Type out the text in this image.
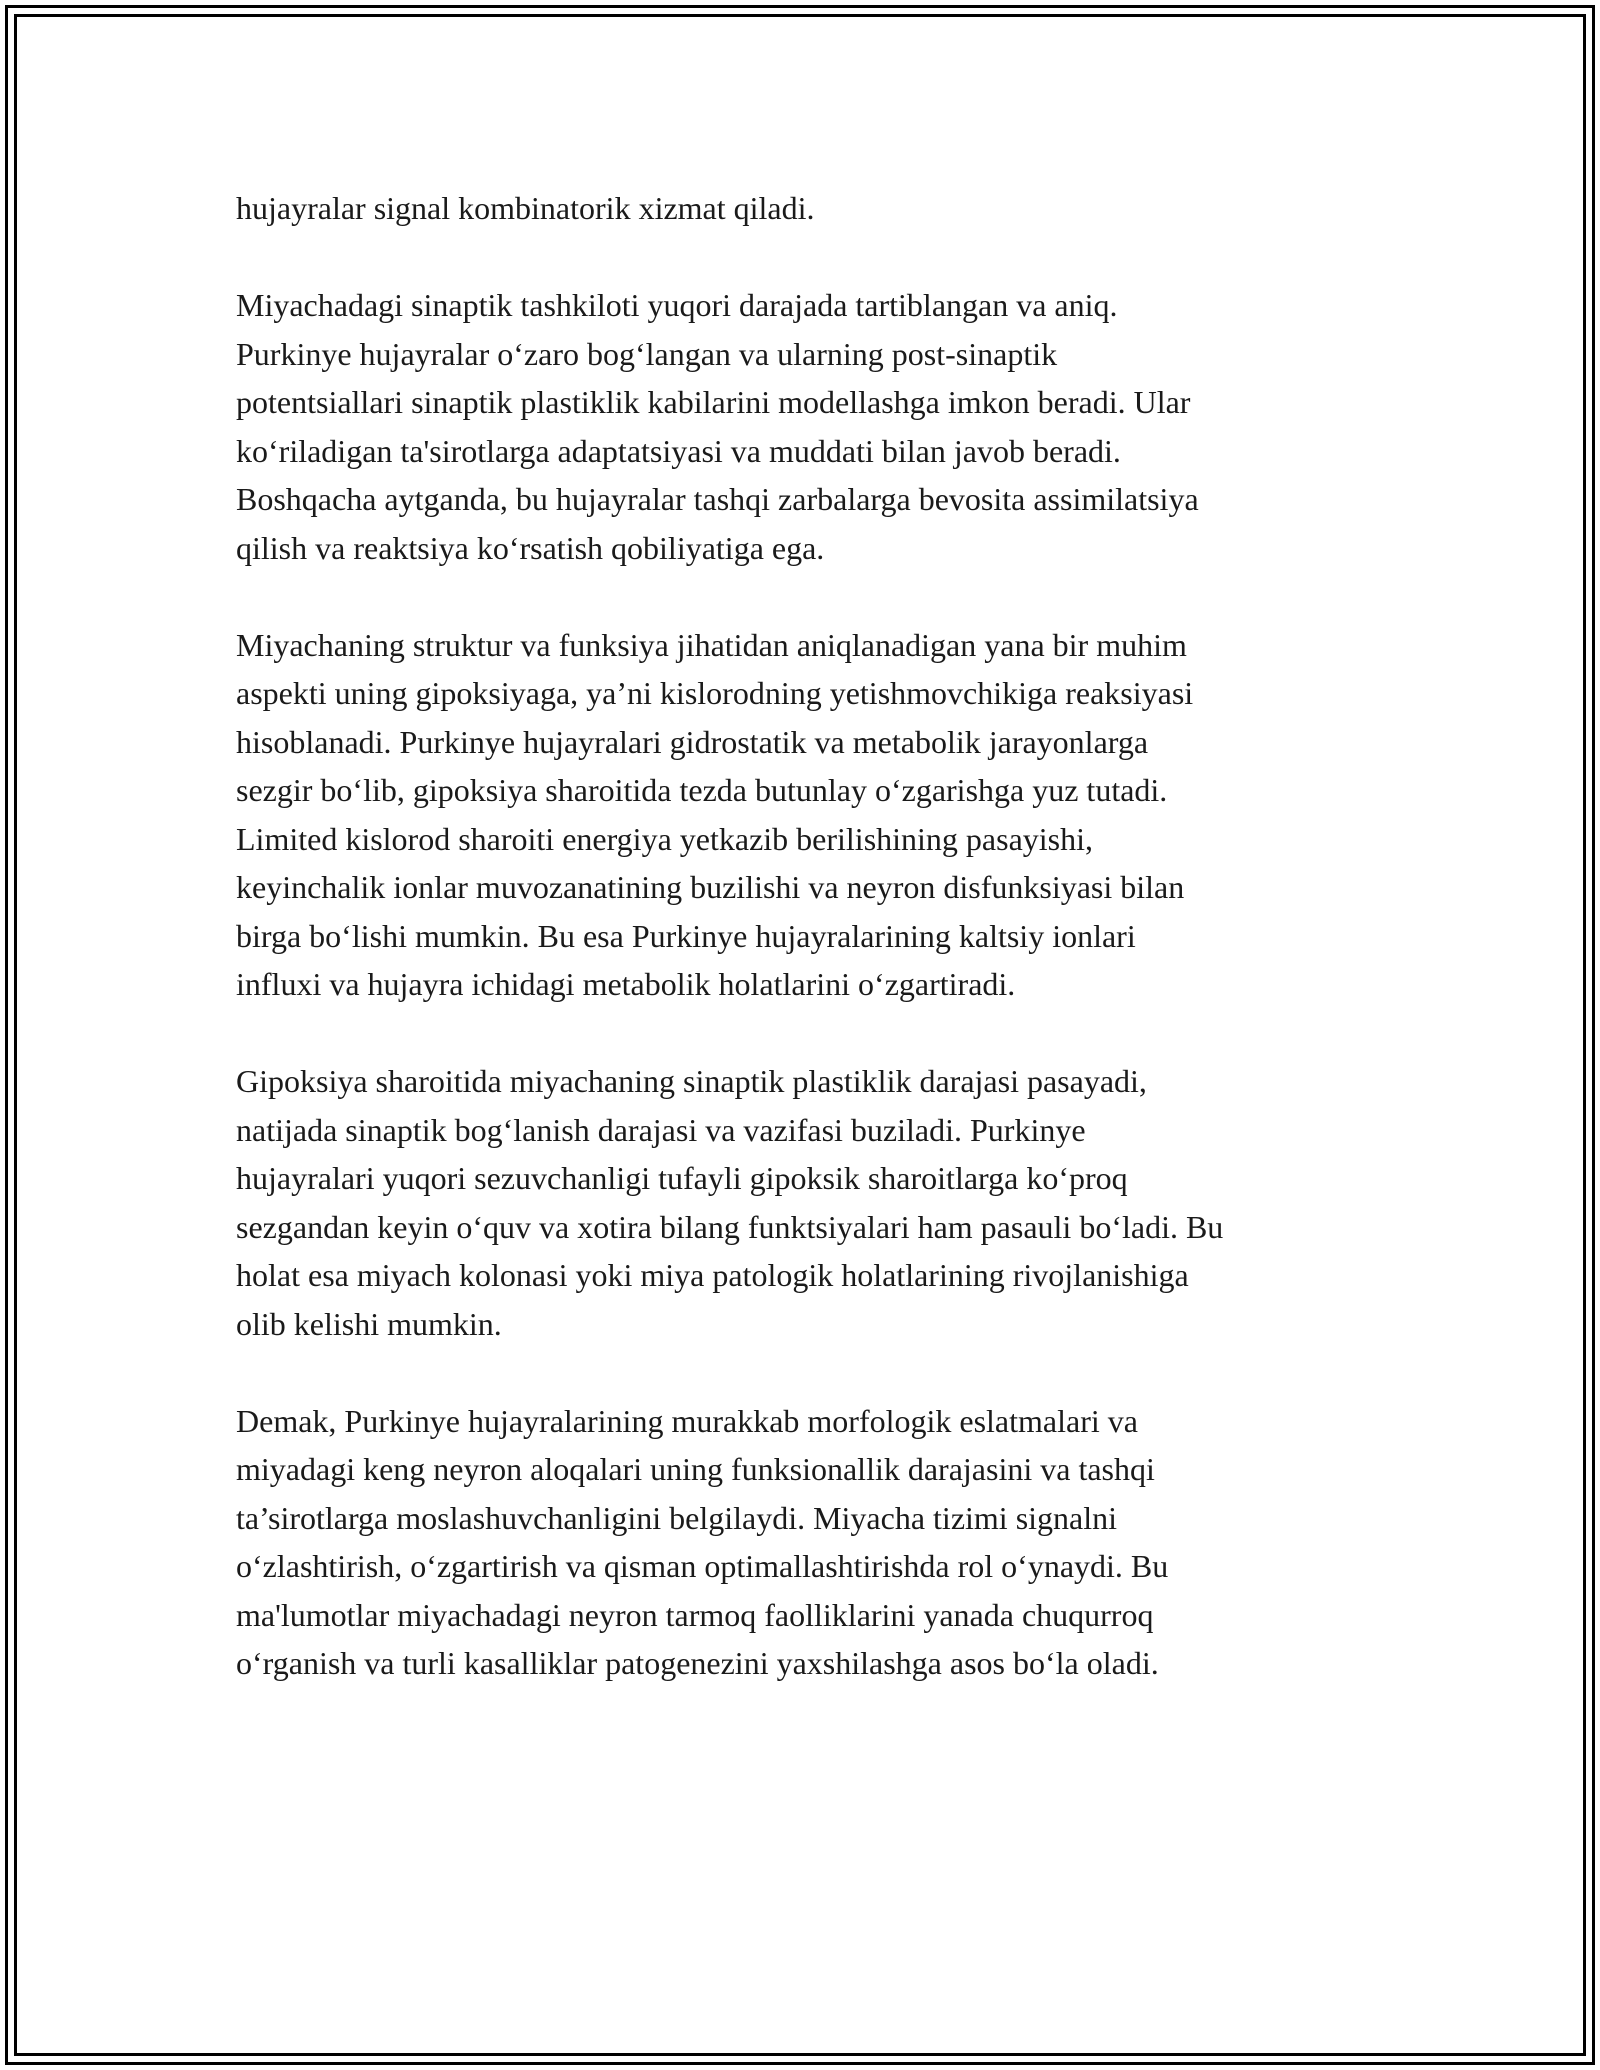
hujayralar signal kombinatorik xizmat qiladi.

Miyachadagi sinaptik tashkiloti yuqori darajada tartiblangan va aniq.
Purkinye hujayralar o‘zaro bog‘langan va ularning post-sinaptik
potentsiallari sinaptik plastiklik kabilarini modellashga imkon beradi. Ular
ko‘riladigan ta'sirotlarga adaptatsiyasi va muddati bilan javob beradi.
Boshqacha aytganda, bu hujayralar tashqi zarbalarga bevosita assimilatsiya
qilish va reaktsiya ko‘rsatish qobiliyatiga ega.

Miyachaning struktur va funksiya jihatidan aniqlanadigan yana bir muhim
aspekti uning gipoksiyaga, ya’ni kislorodning yetishmovchikiga reaksiyasi
hisoblanadi. Purkinye hujayralari gidrostatik va metabolik jarayonlarga
sezgir bo‘lib, gipoksiya sharoitida tezda butunlay o‘zgarishga yuz tutadi.
Limited kislorod sharoiti energiya yetkazib berilishining pasayishi,
keyinchalik ionlar muvozanatining buzilishi va neyron disfunksiyasi bilan
birga bo‘lishi mumkin. Bu esa Purkinye hujayralarining kaltsiy ionlari
influxi va hujayra ichidagi metabolik holatlarini o‘zgartiradi.

Gipoksiya sharoitida miyachaning sinaptik plastiklik darajasi pasayadi,
natijada sinaptik bog‘lanish darajasi va vazifasi buziladi. Purkinye
hujayralari yuqori sezuvchanligi tufayli gipoksik sharoitlarga ko‘proq
sezgandan keyin o‘quv va xotira bilang funktsiyalari ham pasauli bo‘ladi. Bu
holat esa miyach kolonasi yoki miya patologik holatlarining rivojlanishiga
olib kelishi mumkin.

Demak, Purkinye hujayralarining murakkab morfologik eslatmalari va
miyadagi keng neyron aloqalari uning funksionallik darajasini va tashqi
ta’sirotlarga moslashuvchanligini belgilaydi. Miyacha tizimi signalni
o‘zlashtirish, o‘zgartirish va qisman optimallashtirishda rol o‘ynaydi. Bu
ma'lumotlar miyachadagi neyron tarmoq faolliklarini yanada chuqurroq
o‘rganish va turli kasalliklar patogenezini yaxshilashga asos bo‘la oladi.
